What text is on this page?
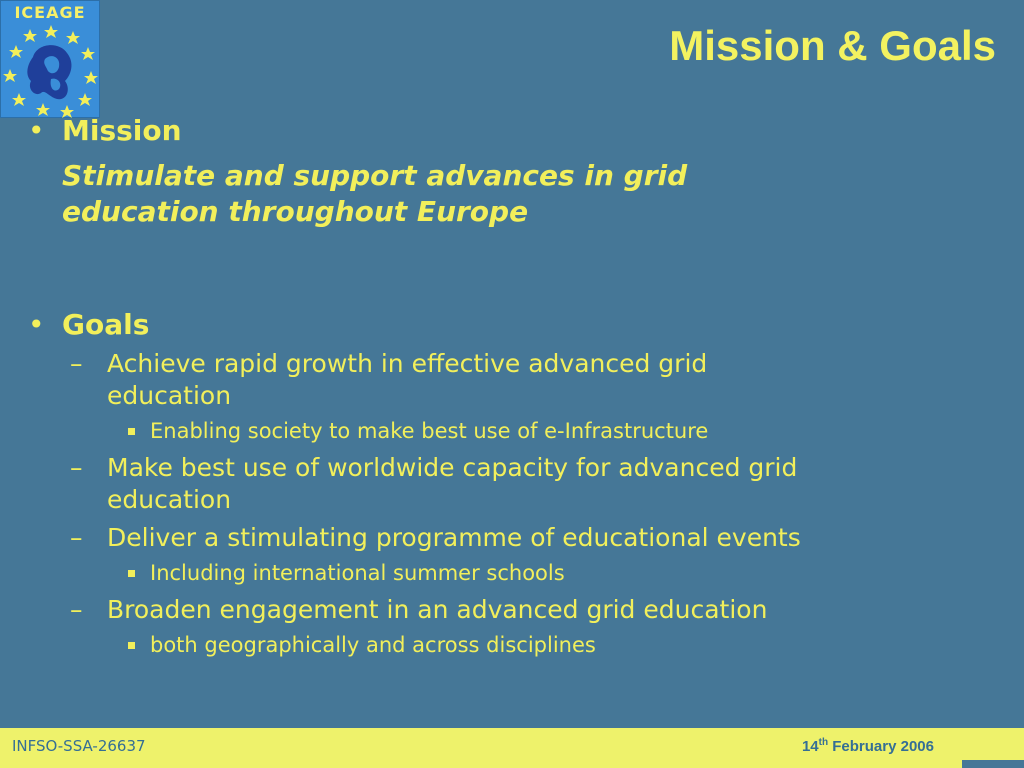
ICEAGE
Mission & Goals
• Mission
Stimulate and support advances in grid
education throughout Europe
• Goals
– Achieve rapid growth in effective advanced grid
education
Enabling society to make best use of e-Infrastructure
– Make best use of worldwide capacity for advanced grid
education
– Deliver a stimulating programme of educational events
Including international summer schools
– Broaden engagement in an advanced grid education
both geographically and across disciplines
INFSO-SSA-26637	14th February 2006
